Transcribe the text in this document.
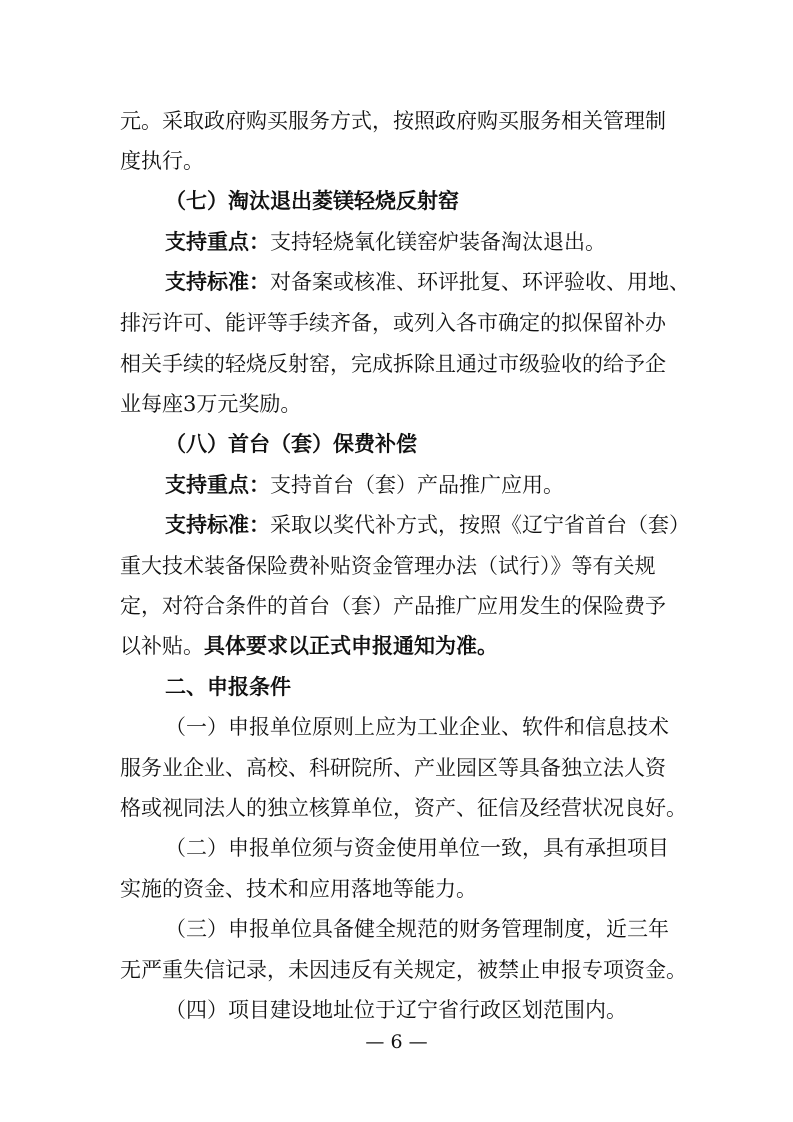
元。采取政府购买服务方式，按照政府购买服务相关管理制
度执行。
（七）淘汰退出菱镁轻烧反射窑
支持重点：支持轻烧氧化镁窑炉装备淘汰退出。
支持标准：对备案或核准、环评批复、环评验收、用地、
排污许可、能评等手续齐备，或列入各市确定的拟保留补办
相关手续的轻烧反射窑，完成拆除且通过市级验收的给予企
业每座3万元奖励。
（八）首台（套）保费补偿
支持重点：支持首台（套）产品推广应用。
支持标准：采取以奖代补方式，按照《辽宁省首台（套）
重大技术装备保险费补贴资金管理办法（试行）》等有关规
定，对符合条件的首台（套）产品推广应用发生的保险费予
以补贴。具体要求以正式申报通知为准。
二、申报条件
（一）申报单位原则上应为工业企业、软件和信息技术
服务业企业、高校、科研院所、产业园区等具备独立法人资
格或视同法人的独立核算单位，资产、征信及经营状况良好。
（二）申报单位须与资金使用单位一致，具有承担项目
实施的资金、技术和应用落地等能力。
（三）申报单位具备健全规范的财务管理制度，近三年
无严重失信记录，未因违反有关规定，被禁止申报专项资金。
（四）项目建设地址位于辽宁省行政区划范围内。
— 6 —
